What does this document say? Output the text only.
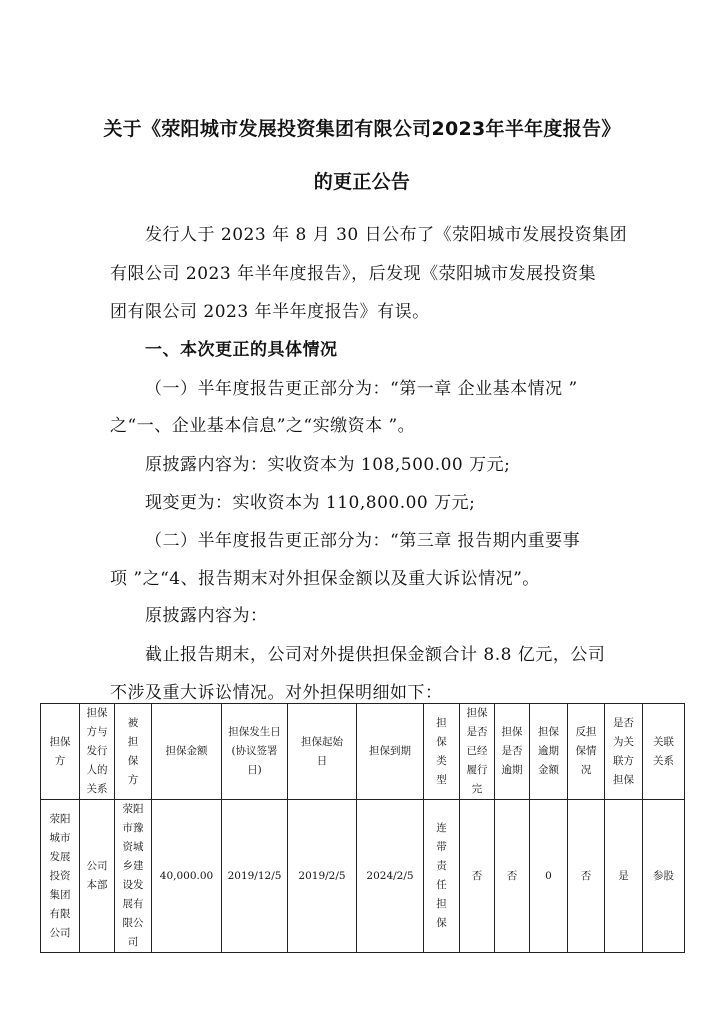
关于《荥阳城市发展投资集团有限公司2023年半年度报告》
的更正公告
发行人于 2023 年 8 月 30 日公布了《荥阳城市发展投资集团
有限公司 2023 年半年度报告》，后发现《荥阳城市发展投资集
团有限公司 2023 年半年度报告》有误。
一、本次更正的具体情况
（一）半年度报告更正部分为：“第一章 企业基本情况 ”
之“一、企业基本信息”之“实缴资本 ”。
原披露内容为：实收资本为 108,500.00 万元;
现变更为：实收资本为 110,800.00 万元;
（二）半年度报告更正部分为：“第三章 报告期内重要事
项 ”之“4、报告期末对外担保金额以及重大诉讼情况”。
原披露内容为：
截止报告期末，公司对外提供担保金额合计 8.8 亿元，公司
不涉及重大诉讼情况。对外担保明细如下：
担保方	担保方与发行人的关系	被担保方	担保金额	担保发生日(协议签署日)	担保起始日	担保到期	担保类型	担保是否已经履行完	担保是否逾期	担保逾期金额	反担保情况	是否为关联方担保	关联关系
荥阳城市发展投资集团有限公司	公司本部	荥阳市豫资城乡建设发展有限公司	40,000.00	2019/12/5	2019/2/5	2024/2/5	连带责任担保	否	否	0	否	是	参股
